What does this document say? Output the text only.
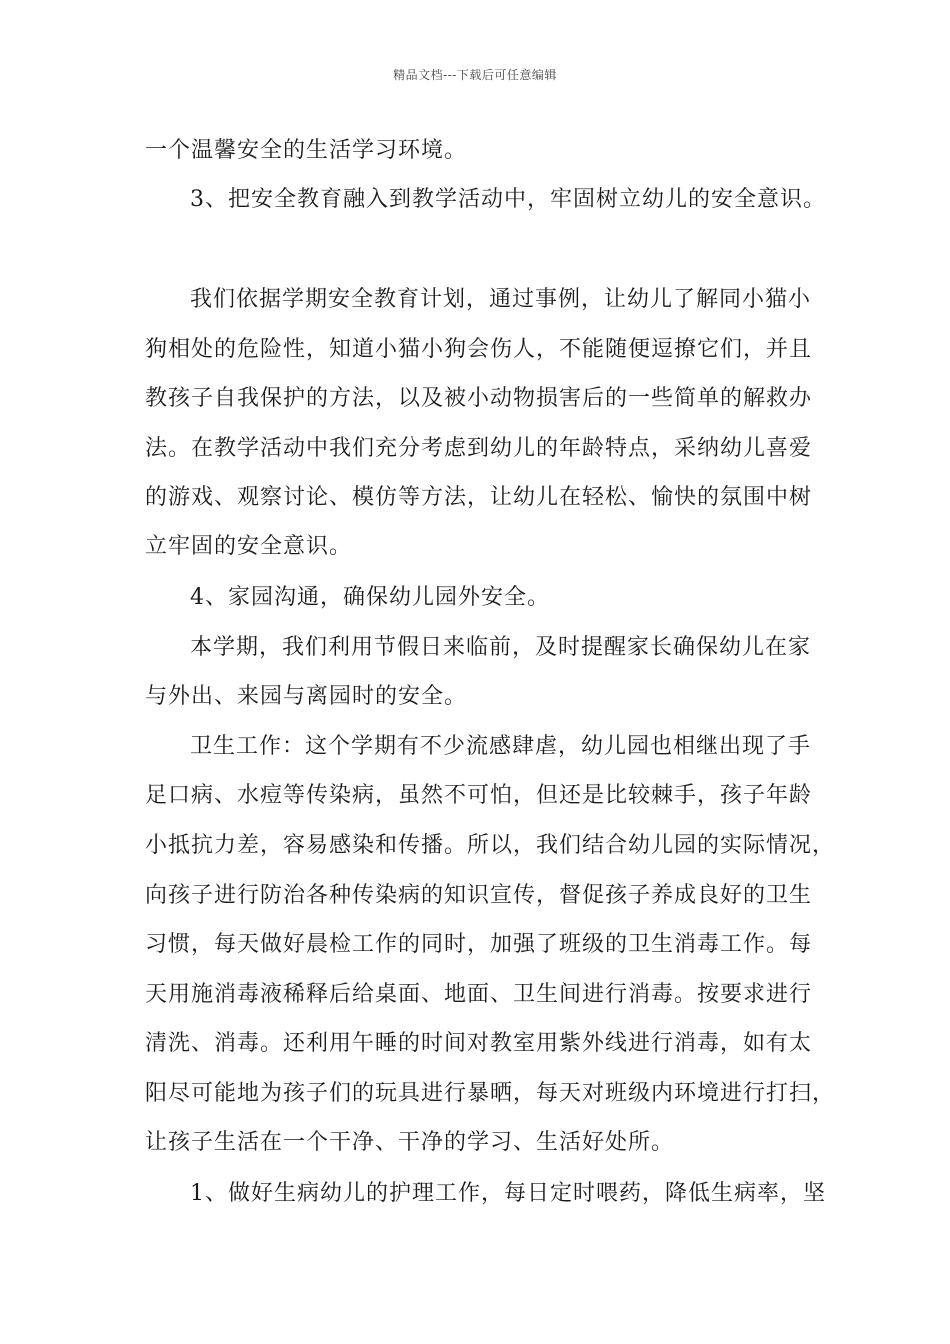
精品文档---下载后可任意编辑
一个温馨安全的生活学习环境。
3、把安全教育融入到教学活动中，牢固树立幼儿的安全意识。
我们依据学期安全教育计划，通过事例，让幼儿了解同小猫小
狗相处的危险性，知道小猫小狗会伤人，不能随便逗撩它们，并且
教孩子自我保护的方法，以及被小动物损害后的一些简单的解救办
法。在教学活动中我们充分考虑到幼儿的年龄特点，采纳幼儿喜爱
的游戏、观察讨论、模仿等方法，让幼儿在轻松、愉快的氛围中树
立牢固的安全意识。
4、家园沟通，确保幼儿园外安全。
本学期，我们利用节假日来临前，及时提醒家长确保幼儿在家
与外出、来园与离园时的安全。
卫生工作：这个学期有不少流感肆虐，幼儿园也相继出现了手
足口病、水痘等传染病，虽然不可怕，但还是比较棘手，孩子年龄
小抵抗力差，容易感染和传播。所以，我们结合幼儿园的实际情况，
向孩子进行防治各种传染病的知识宣传，督促孩子养成良好的卫生
习惯，每天做好晨检工作的同时，加强了班级的卫生消毒工作。每
天用施消毒液稀释后给桌面、地面、卫生间进行消毒。按要求进行
清洗、消毒。还利用午睡的时间对教室用紫外线进行消毒，如有太
阳尽可能地为孩子们的玩具进行暴晒，每天对班级内环境进行打扫，
让孩子生活在一个干净、干净的学习、生活好处所。
1、做好生病幼儿的护理工作，每日定时喂药，降低生病率，坚
